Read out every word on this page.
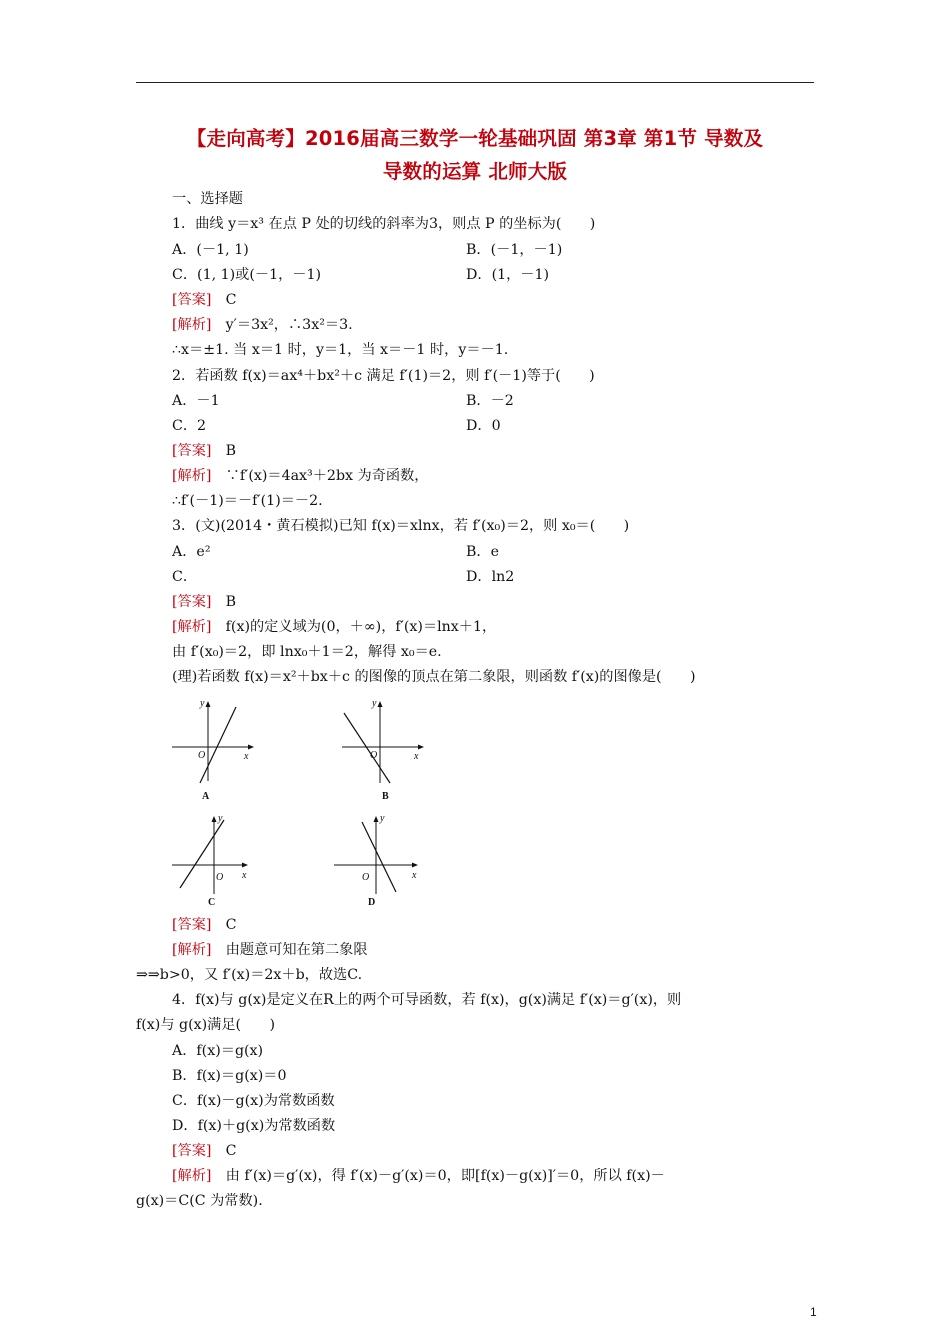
【走向高考】2016届高三数学一轮基础巩固 第3章 第1节 导数及
导数的运算 北师大版
一、选择题
1．曲线 y＝x³ 在点 P 处的切线的斜率为3，则点 P 的坐标为(　　)
A．(－1, 1)	B．(－1，－1)
C．(1, 1)或(－1，－1)	D．(1，－1)
[答案]　 C
[解析]　 y′＝3x²，∴3x²＝3.
∴x＝±1. 当 x＝1 时，y＝1，当 x＝－1 时，y＝－1.
2．若函数 f(x)＝ax⁴＋bx²＋c 满足 f′(1)＝2，则 f′(－1)等于(　　)
A．－1	B．－2
C．2	D．0
[答案]　 B
[解析]　 ∵f′(x)＝4ax³＋2bx 为奇函数，
∴f′(－1)＝－f′(1)＝－2.
3．(文)(2014・黄石模拟)已知 f(x)＝xlnx，若 f′(x₀)＝2，则 x₀＝(　　)
A．e²	B．e
C．	D．ln2
[答案]　 B
[解析]　 f(x)的定义域为(0，＋∞)，f′(x)＝lnx＋1，
由 f′(x₀)＝2，即 lnx₀＋1＝2，解得 x₀＝e.
(理)若函数 f(x)＝x²＋bx＋c 的图像的顶点在第二象限，则函数 f′(x)的图像是(　　)
x
y
O
A
x
y
O
B
x
y
O
C
x
y
O
D
[答案]　 C
[解析]　 由题意可知在第二象限
⇒⇒b>0，又 f′(x)＝2x＋b，故选C.
4．f(x)与 g(x)是定义在R上的两个可导函数，若 f(x)，g(x)满足 f′(x)＝g′(x)，则
f(x)与 g(x)满足(　　)
A．f(x)＝g(x)
B．f(x)＝g(x)＝0
C．f(x)－g(x)为常数函数
D．f(x)＋g(x)为常数函数
[答案]　 C
[解析]　 由 f′(x)＝g′(x)，得 f′(x)－g′(x)＝0，即[f(x)－g(x)]′＝0，所以 f(x)－
g(x)＝C(C 为常数).
1
